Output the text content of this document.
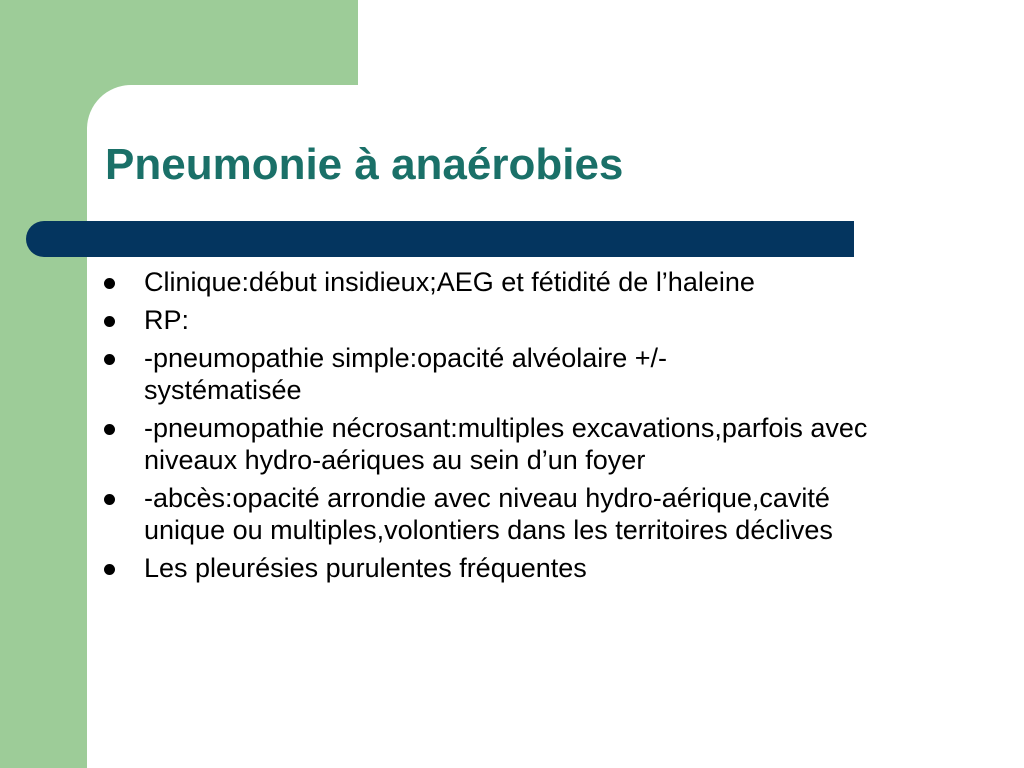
Pneumonie à anaérobies
Clinique:début insidieux;AEG et fétidité de l’haleine
RP:
-pneumopathie simple:opacité alvéolaire +/-systématisée
-pneumopathie nécrosant:multiples excavations,parfois avec niveaux hydro-aériques au sein d’un foyer
-abcès:opacité arrondie avec niveau hydro-aérique,cavité unique ou multiples,volontiers dans les territoires déclives
Les pleurésies purulentes fréquentes
